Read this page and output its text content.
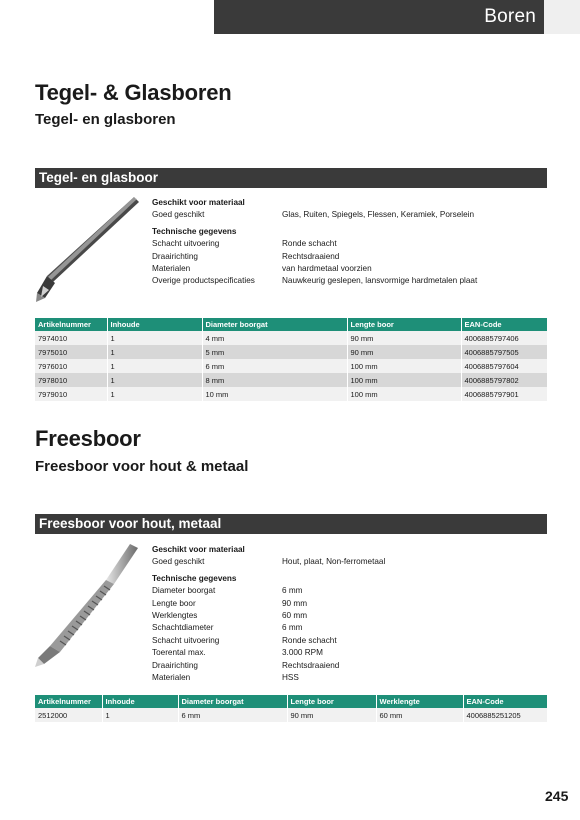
Boren
Tegel- & Glasboren
Tegel- en glasboren
Tegel- en glasboor
Geschikt voor materiaal
Goed geschikt	Glas, Ruiten, Spiegels, Flessen, Keramiek, Porselein
Technische gegevens
Schacht uitvoering	Ronde schacht
Draairichting	Rechtsdraaiend
Materialen	van hardmetaal voorzien
Overige productspecificaties	Nauwkeurig geslepen, lansvormige hardmetalen plaat
Artikelnummer	Inhoude	Diameter boorgat	Lengte boor	EAN-Code
7974010	1	4 mm	90 mm	4006885797406
7975010	1	5 mm	90 mm	4006885797505
7976010	1	6 mm	100 mm	4006885797604
7978010	1	8 mm	100 mm	4006885797802
7979010	1	10 mm	100 mm	4006885797901
Freesboor
Freesboor voor hout & metaal
Freesboor voor hout, metaal
Geschikt voor materiaal
Goed geschikt	Hout, plaat, Non-ferrometaal
Technische gegevens
Diameter boorgat	6 mm
Lengte boor	90 mm
Werklengtes	60 mm
Schachtdiameter	6 mm
Schacht uitvoering	Ronde schacht
Toerental max.	3.000 RPM
Draairichting	Rechtsdraaiend
Materialen	HSS
Artikelnummer	Inhoude	Diameter boorgat	Lengte boor	Werklengte	EAN-Code
2512000	1	6 mm	90 mm	60 mm	4006885251205
245
